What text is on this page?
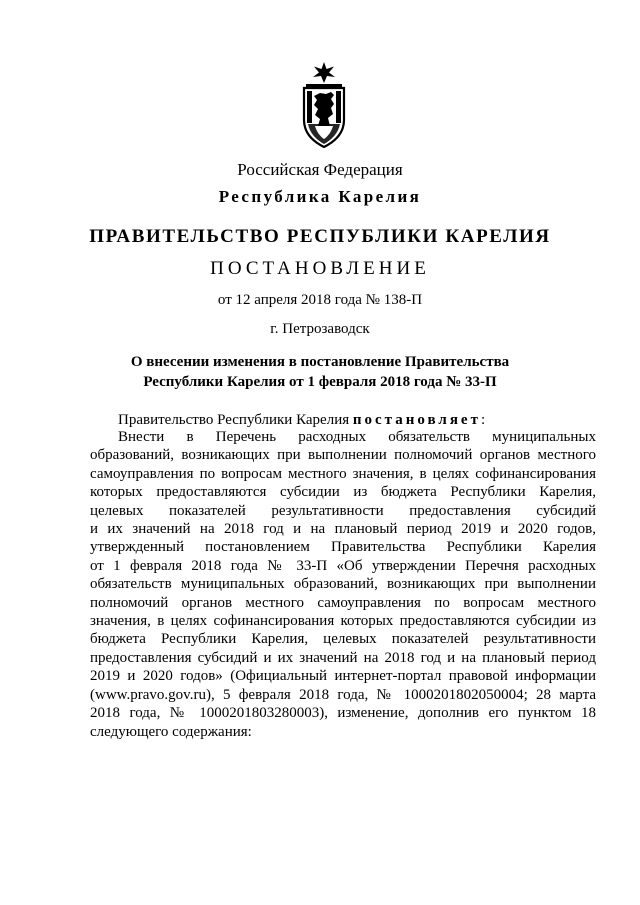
Российская Федерация

Республика Карелия

ПРАВИТЕЛЬСТВО РЕСПУБЛИКИ КАРЕЛИЯ

ПОСТАНОВЛЕНИЕ

от 12 апреля 2018 года № 138-П

г. Петрозаводск

О внесении изменения в постановление Правительства
Республики Карелия от 1 февраля 2018 года № 33-П
Правительство Республики Карелия постановляет:
Внести в Перечень расходных обязательств муниципальных
образований, возникающих при выполнении полномочий органов местного
самоуправления по вопросам местного значения, в целях софинансирования
которых предоставляются субсидии из бюджета Республики Карелия,
целевых показателей результативности предоставления субсидий
и их значений на 2018 год и на плановый период 2019 и 2020 годов,
утвержденный постановлением Правительства Республики Карелия
от 1 февраля 2018 года № 33-П «Об утверждении Перечня расходных
обязательств муниципальных образований, возникающих при выполнении
полномочий органов местного самоуправления по вопросам местного
значения, в целях софинансирования которых предоставляются субсидии из
бюджета Республики Карелия, целевых показателей результативности
предоставления субсидий и их значений на 2018 год и на плановый период
2019 и 2020 годов» (Официальный интернет-портал правовой информации
(www.pravo.gov.ru), 5 февраля 2018 года, № 1000201802050004; 28 марта
2018 года, № 1000201803280003), изменение, дополнив его пунктом 18
следующего содержания:
